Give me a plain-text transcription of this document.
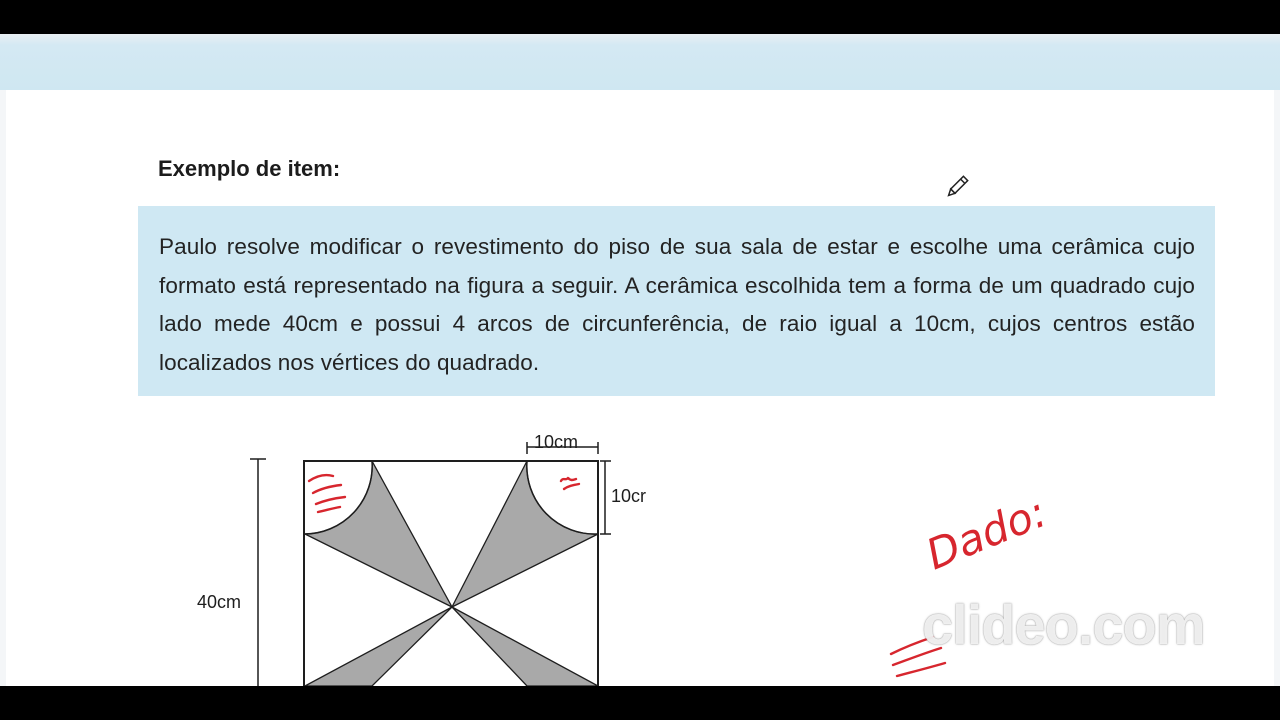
Exemplo de item:

Paulo resolve modificar o revestimento do piso de sua sala de estar e escolhe uma cerâmica cujo formato está representado na figura a seguir. A cerâmica escolhida tem a forma de um quadrado cujo lado mede 40cm e possui 4 arcos de circunferência, de raio igual a 10cm, cujos centros estão localizados nos vértices do quadrado.

10cm
10cr
40cm
Dado:
clideo.com
